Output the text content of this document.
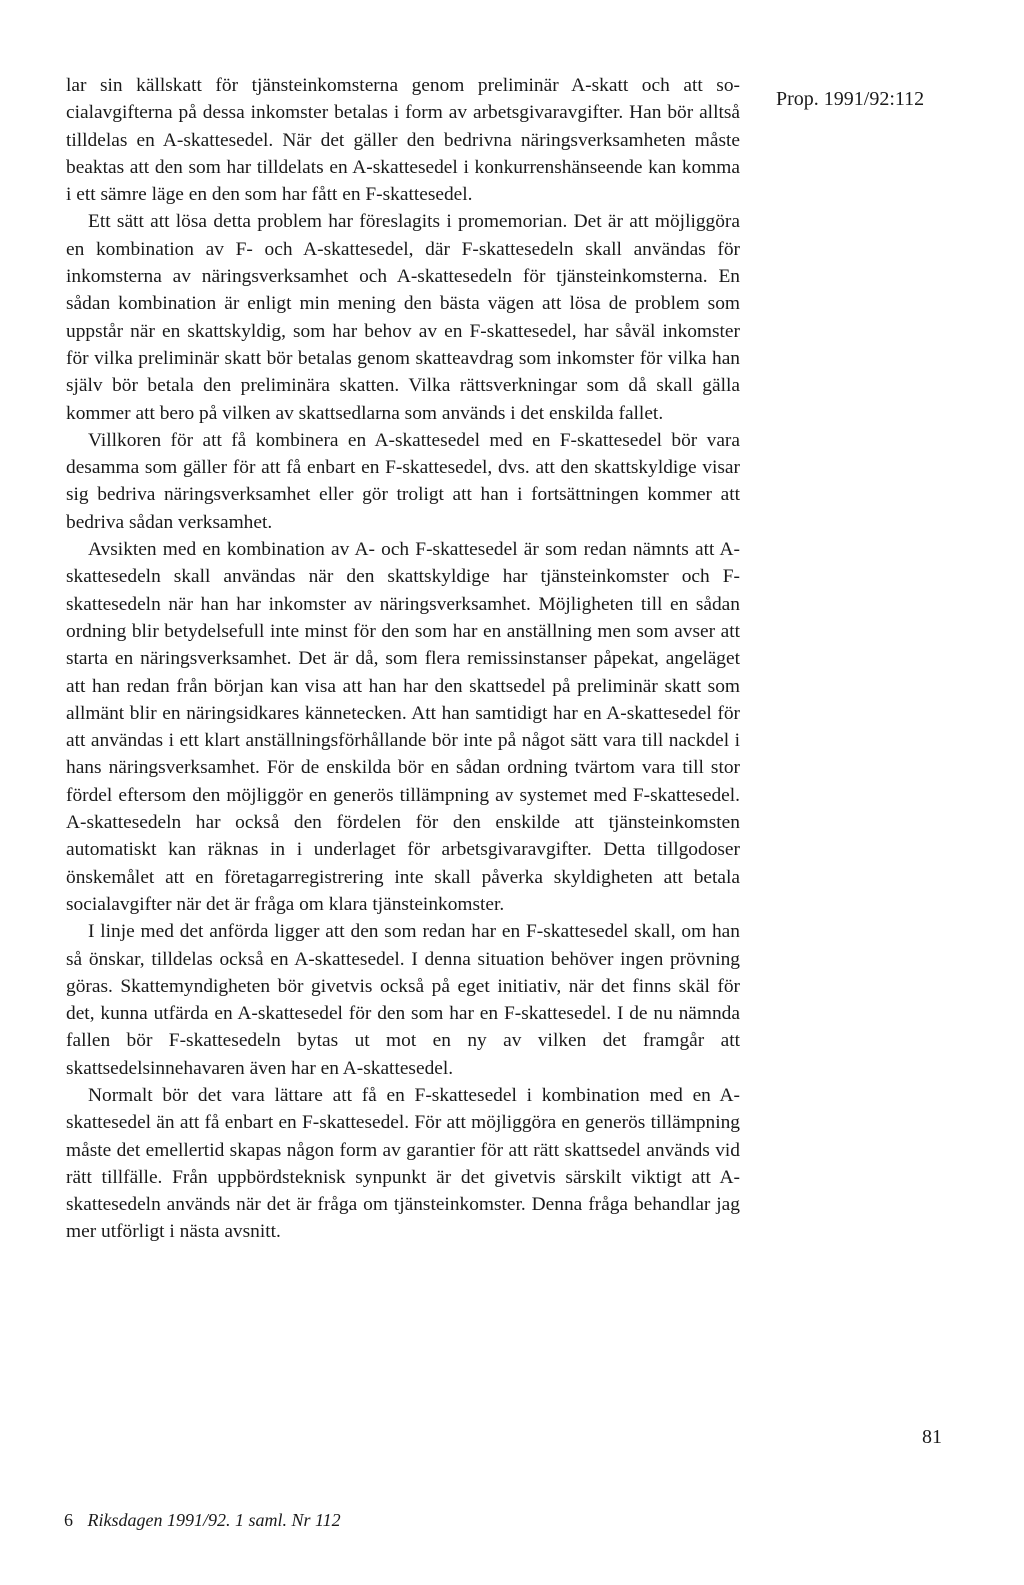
Prop. 1991/92:112

lar sin källskatt för tjänsteinkomsterna genom preliminär A-skatt och att socialavgifterna på dessa inkomster betalas i form av arbetsgivaravgifter. Han bör alltså tilldelas en A-skattesedel. När det gäller den bedrivna näringsverksamheten måste beaktas att den som har tilldelats en A-skattesedel i konkurrenshänseende kan komma i ett sämre läge en den som har fått en F-skattesedel.

Ett sätt att lösa detta problem har föreslagits i promemorian. Det är att möjliggöra en kombination av F- och A-skattesedel, där F-skattesedeln skall användas för inkomsterna av näringsverksamhet och A-skattesedeln för tjänsteinkomsterna. En sådan kombination är enligt min mening den bästa vägen att lösa de problem som uppstår när en skattskyldig, som har behov av en F-skattesedel, har såväl inkomster för vilka preliminär skatt bör betalas genom skatteavdrag som inkomster för vilka han själv bör betala den preliminära skatten. Vilka rättsverkningar som då skall gälla kommer att bero på vilken av skattsedlarna som används i det enskilda fallet.

Villkoren för att få kombinera en A-skattesedel med en F-skattesedel bör vara desamma som gäller för att få enbart en F-skattesedel, dvs. att den skattskyldige visar sig bedriva näringsverksamhet eller gör troligt att han i fortsättningen kommer att bedriva sådan verksamhet.

Avsikten med en kombination av A- och F-skattesedel är som redan nämnts att A-skattesedeln skall användas när den skattskyldige har tjänsteinkomster och F-skattesedeln när han har inkomster av näringsverksamhet. Möjligheten till en sådan ordning blir betydelsefull inte minst för den som har en anställning men som avser att starta en näringsverksamhet. Det är då, som flera remissinstanser påpekat, angeläget att han redan från början kan visa att han har den skattsedel på preliminär skatt som allmänt blir en näringsidkares kännetecken. Att han samtidigt har en A-skattesedel för att användas i ett klart anställningsförhållande bör inte på något sätt vara till nackdel i hans näringsverksamhet. För de enskilda bör en sådan ordning tvärtom vara till stor fördel eftersom den möjliggör en generös tillämpning av systemet med F-skattesedel. A-skattesedeln har också den fördelen för den enskilde att tjänsteinkomsten automatiskt kan räknas in i underlaget för arbetsgivaravgifter. Detta tillgodoser önskemålet att en företagarregistrering inte skall påverka skyldigheten att betala socialavgifter när det är fråga om klara tjänsteinkomster.

I linje med det anförda ligger att den som redan har en F-skattesedel skall, om han så önskar, tilldelas också en A-skattesedel. I denna situation behöver ingen prövning göras. Skattemyndigheten bör givetvis också på eget initiativ, när det finns skäl för det, kunna utfärda en A-skattesedel för den som har en F-skattesedel. I de nu nämnda fallen bör F-skattesedeln bytas ut mot en ny av vilken det framgår att skattsedelsinnehavaren även har en A-skattesedel.

Normalt bör det vara lättare att få en F-skattesedel i kombination med en A-skattesedel än att få enbart en F-skattesedel. För att möjliggöra en generös tillämpning måste det emellertid skapas någon form av garantier för att rätt skattsedel används vid rätt tillfälle. Från uppbördsteknisk synpunkt är det givetvis särskilt viktigt att A-skattesedeln används när det är fråga om tjänsteinkomster. Denna fråga behandlar jag mer utförligt i nästa avsnitt.

81
6 Riksdagen 1991/92. 1 saml. Nr 112
